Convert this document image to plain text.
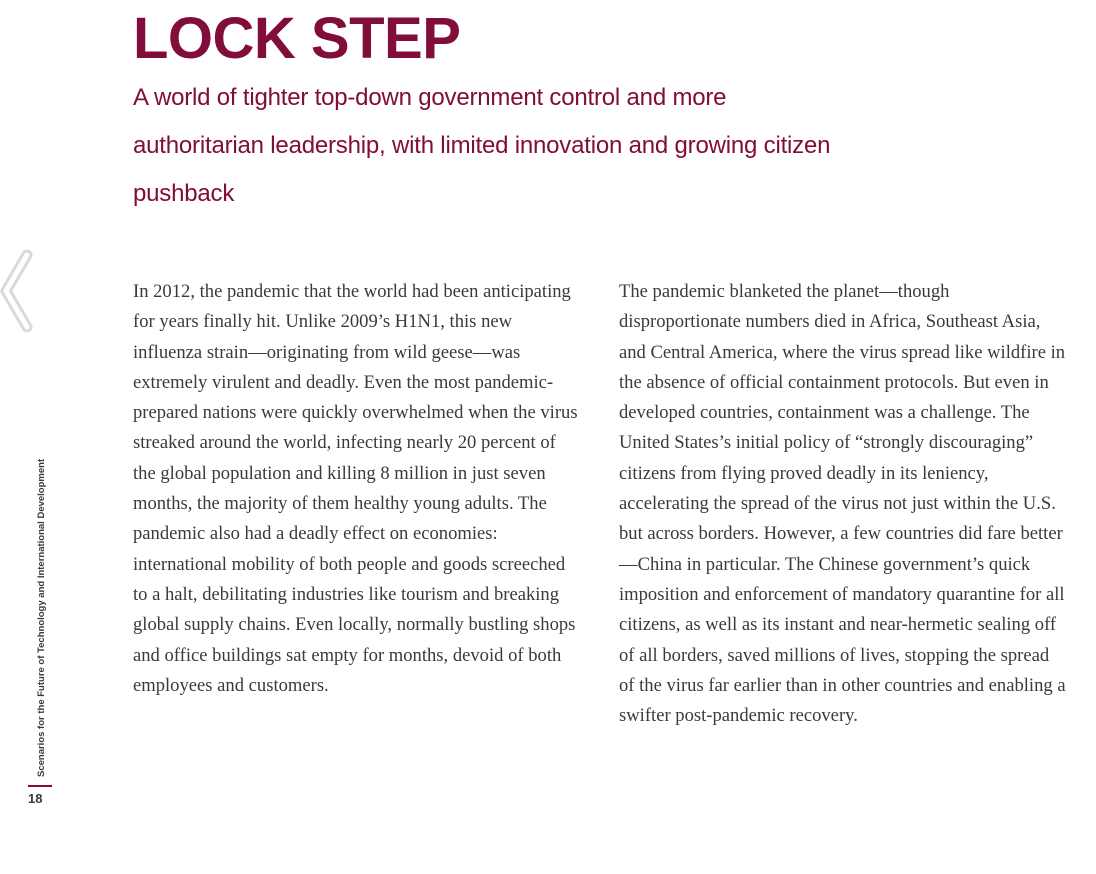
LOCK STEP
A world of tighter top-down government control and more authoritarian leadership, with limited innovation and growing citizen pushback

In 2012, the pandemic that the world had been anticipating for years finally hit. Unlike 2009’s H1N1, this new influenza strain—originating from wild geese—was extremely virulent and deadly. Even the most pandemic-prepared nations were quickly overwhelmed when the virus streaked around the world, infecting nearly 20 percent of the global population and killing 8 million in just seven months, the majority of them healthy young adults. The pandemic also had a deadly effect on economies: international mobility of both people and goods screeched to a halt, debilitating industries like tourism and breaking global supply chains. Even locally, normally bustling shops and office buildings sat empty for months, devoid of both employees and customers.

The pandemic blanketed the planet—though disproportionate numbers died in Africa, Southeast Asia, and Central America, where the virus spread like wildfire in the absence of official containment protocols. But even in developed countries, containment was a challenge. The United States’s initial policy of “strongly discouraging” citizens from flying proved deadly in its leniency, accelerating the spread of the virus not just within the U.S. but across borders. However, a few countries did fare better—China in particular. The Chinese government’s quick imposition and enforcement of mandatory quarantine for all citizens, as well as its instant and near-hermetic sealing off of all borders, saved millions of lives, stopping the spread of the virus far earlier than in other countries and enabling a swifter post-pandemic recovery.

Scenarios for the Future of Technology and International Development
18
